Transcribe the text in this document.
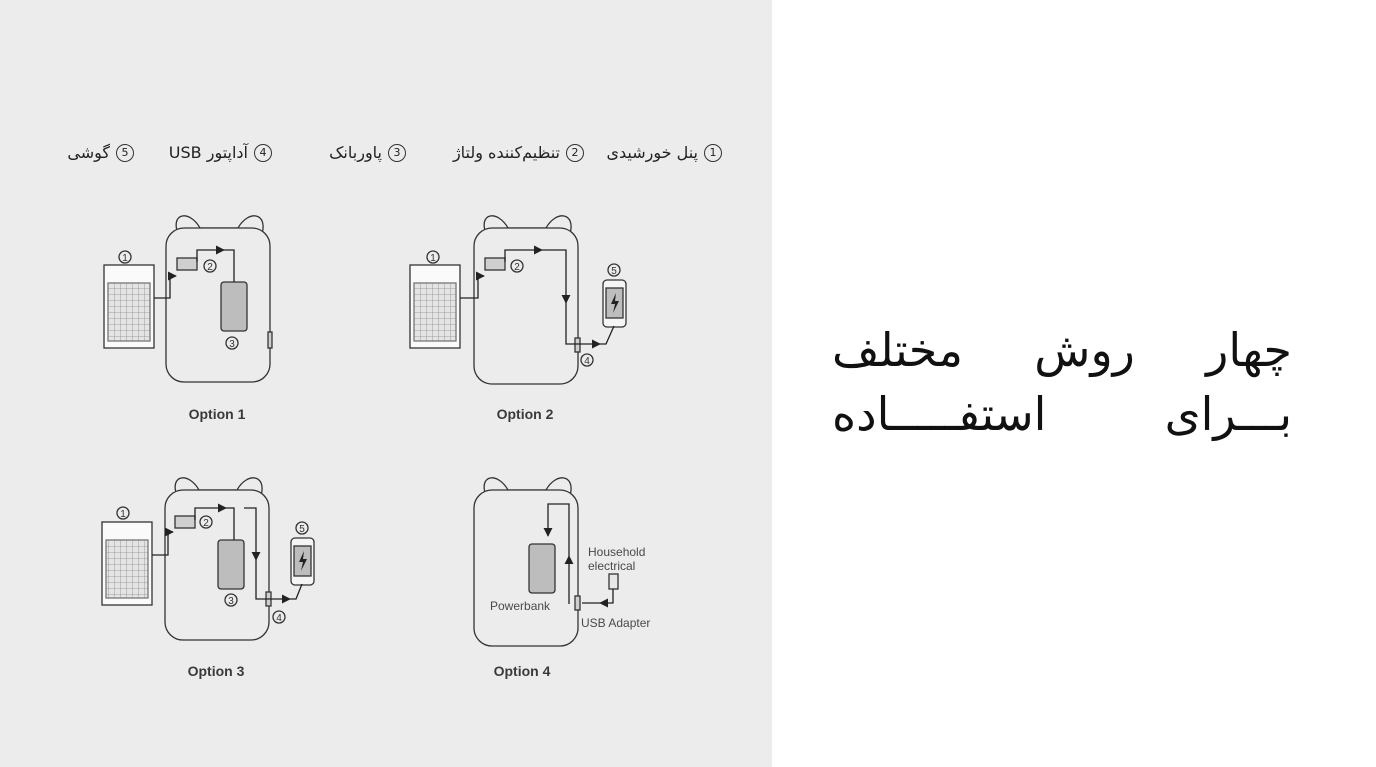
1
پنل خورشیدی
2
تنظیم‌کننده ولتاژ
3
پاوربانک
4
آداپتور USB
5
گوشی
1
2
3
Option 1
1
2
4
5
Option 2
1
2
3
4
5
Option 3
Powerbank
Household
electrical
USB Adapter
Option 4
چهار روش مختلف
بـــرای استفـــــاده
